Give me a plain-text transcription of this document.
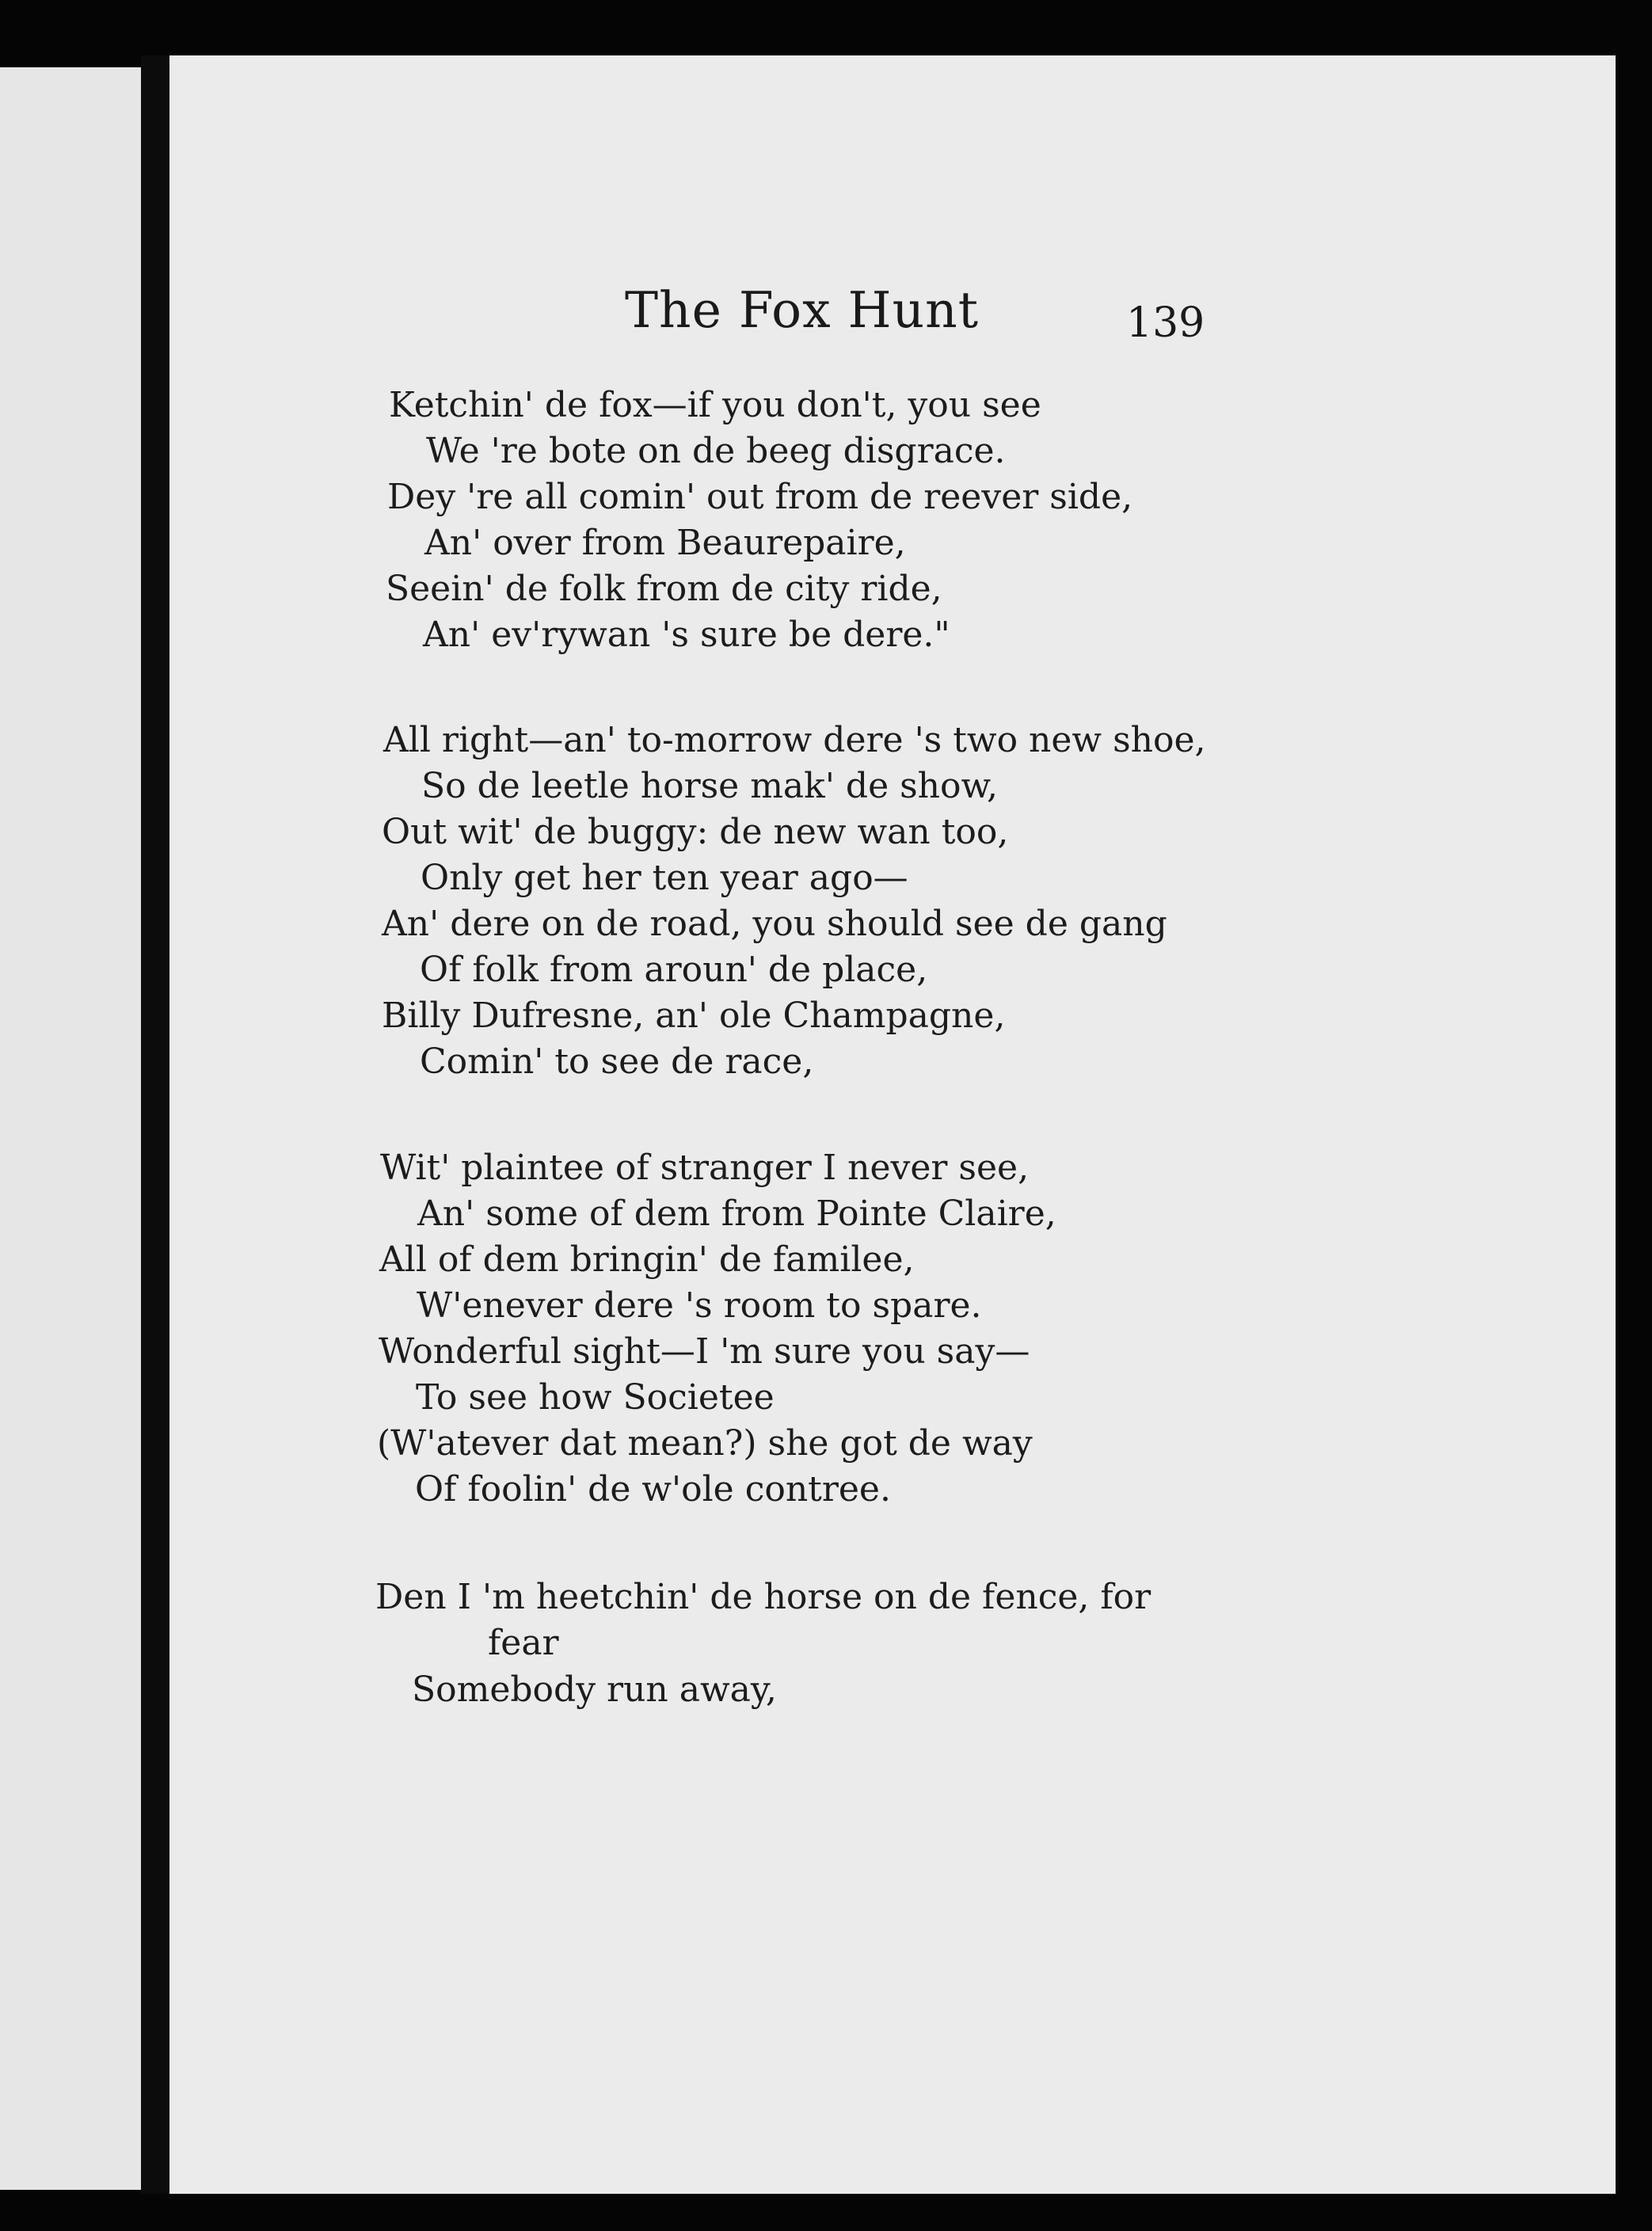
The Fox Hunt	139
Ketchin' de fox—if you don't, you see
We 're bote on de beeg disgrace.
Dey 're all comin' out from de reever side,
An' over from Beaurepaire,
Seein' de folk from de city ride,
An' ev'rywan 's sure be dere."
All right—an' to-morrow dere 's two new shoe,
So de leetle horse mak' de show,
Out wit' de buggy: de new wan too,
Only get her ten year ago—
An' dere on de road, you should see de gang
Of folk from aroun' de place,
Billy Dufresne, an' ole Champagne,
Comin' to see de race,
Wit' plaintee of stranger I never see,
An' some of dem from Pointe Claire,
All of dem bringin' de familee,
W'enever dere 's room to spare.
Wonderful sight—I 'm sure you say—
To see how Societee
(W'atever dat mean?) she got de way
Of foolin' de w'ole contree.
Den I 'm heetchin' de horse on de fence, for
fear
Somebody run away,
